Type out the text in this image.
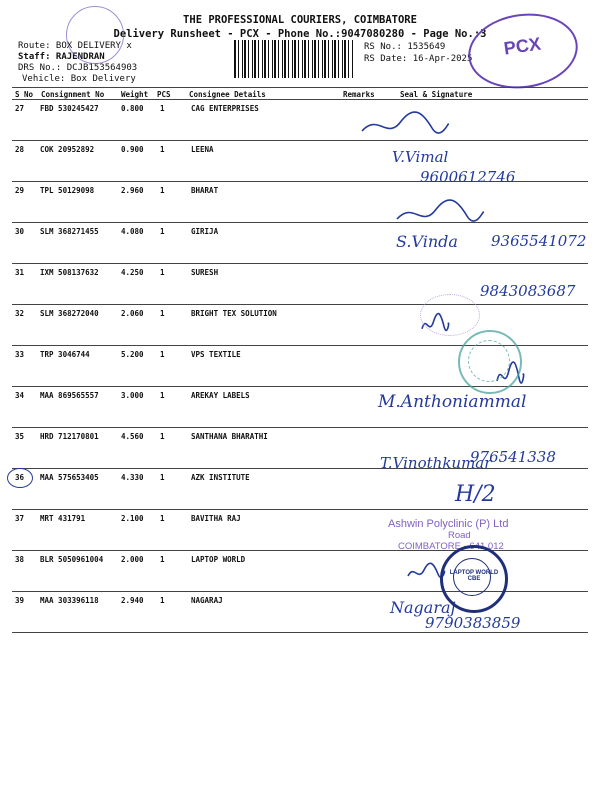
THE PROFESSIONAL COURIERS, COIMBATORE
Delivery Runsheet - PCX - Phone No.:9047080280 - Page No.:3
Route: BOX DELIVERY x
Staff: RAJENDRAN
DRS No.: DCJB153564903
Vehicle: Box Delivery
RS No.: 1535649
RS Date: 16-Apr-2025
PCX
S No Consignment No Weight PCS Consignee Details	Remarks	Seal & Signature
27 FBD 530245427	0.800 1	CAG ENTERPRISES
28 COK 20952892	0.900 1	LEENA
29 TPL 50129098	2.960 1	BHARAT
30 SLM 368271455	4.080 1	GIRIJA
31 IXM 508137632	4.250 1	SURESH
32 SLM 368272040	2.060 1	BRIGHT TEX SOLUTION
33 TRP 3046744	5.200 1	VPS TEXTILE
34 MAA 869565557	3.000 1	AREKAY LABELS
35 HRD 712170801	4.560 1	SANTHANA BHARATHI
36 MAA 575653405	4.330 1	AZK INSTITUTE
37 MRT 431791	2.100 1	BAVITHA RAJ
38 BLR 5050961004 2.000 1	LAPTOP WORLD
39 MAA 303396118	2.940 1	NAGARAJ
V.Vimal
9600612746
S.Vinda 9365541072
9843083687
M.Anthoniammal
T.Vinothkumar
976541338
H/2
Nagaraj
9790383859
Ashwin Polyclinic (P) Ltd
Road
COIMBATORE - 641 012
LAPTOP WORLD CBE
